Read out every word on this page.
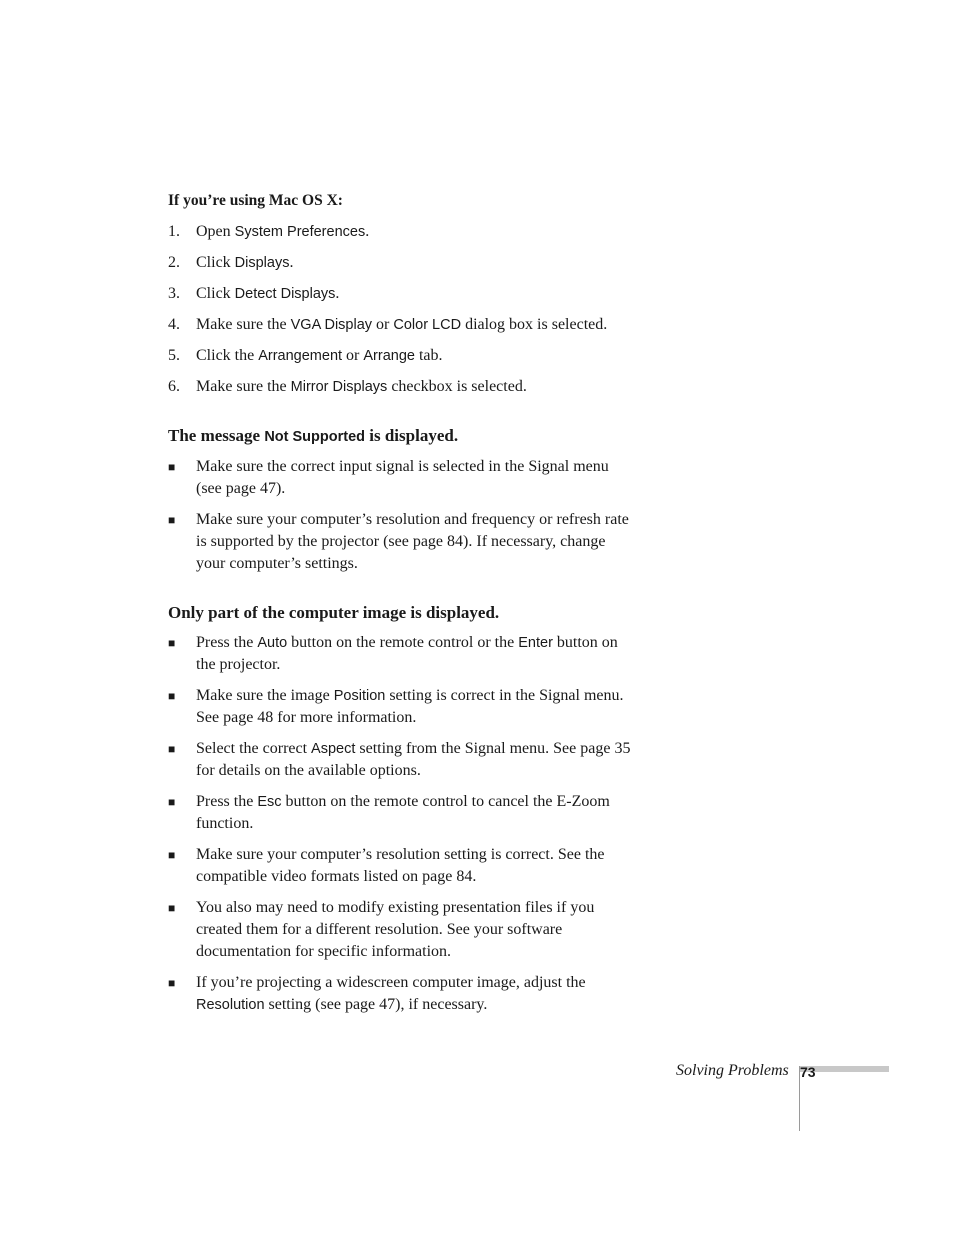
If you’re using Mac OS X:
1.	Open System Preferences.
2.	Click Displays.
3.	Click Detect Displays.
4.	Make sure the VGA Display or Color LCD dialog box is selected.
5.	Click the Arrangement or Arrange tab.
6.	Make sure the Mirror Displays checkbox is selected.
The message Not Supported is displayed.
■	Make sure the correct input signal is selected in the Signal menu (see page 47).
■	Make sure your computer’s resolution and frequency or refresh rate is supported by the projector (see page 84). If necessary, change your computer’s settings.
Only part of the computer image is displayed.
■	Press the Auto button on the remote control or the Enter button on the projector.
■	Make sure the image Position setting is correct in the Signal menu. See page 48 for more information.
■	Select the correct Aspect setting from the Signal menu. See page 35 for details on the available options.
■	Press the Esc button on the remote control to cancel the E-Zoom function.
■	Make sure your computer’s resolution setting is correct. See the compatible video formats listed on page 84.
■	You also may need to modify existing presentation files if you created them for a different resolution. See your software documentation for specific information.
■	If you’re projecting a widescreen computer image, adjust the Resolution setting (see page 47), if necessary.
Solving Problems 73
